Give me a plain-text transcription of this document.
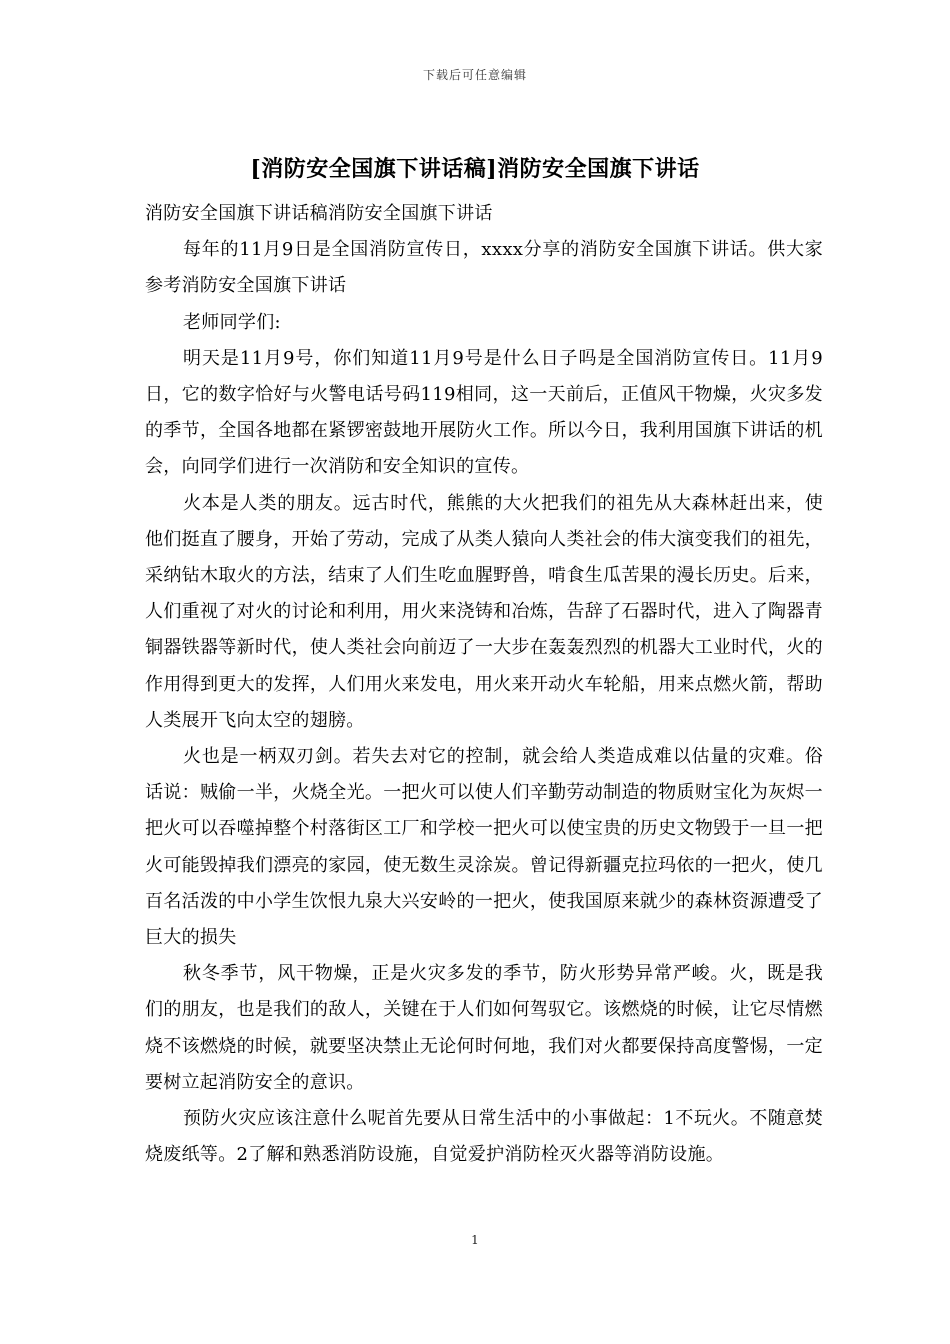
下载后可任意编辑
[消防安全国旗下讲话稿]消防安全国旗下讲话

消防安全国旗下讲话稿消防安全国旗下讲话

每年的11月9日是全国消防宣传日，xxxx分享的消防安全国旗下讲话。供大家参考消防安全国旗下讲话

老师同学们:

明天是11月9号，你们知道11月9号是什么日子吗是全国消防宣传日。11月9日，它的数字恰好与火警电话号码119相同，这一天前后，正值风干物燥，火灾多发的季节，全国各地都在紧锣密鼓地开展防火工作。所以今日，我利用国旗下讲话的机会，向同学们进行一次消防和安全知识的宣传。

火本是人类的朋友。远古时代，熊熊的大火把我们的祖先从大森林赶出来，使他们挺直了腰身，开始了劳动，完成了从类人猿向人类社会的伟大演变我们的祖先，采纳钻木取火的方法，结束了人们生吃血腥野兽，啃食生瓜苦果的漫长历史。后来，人们重视了对火的讨论和利用，用火来浇铸和冶炼，告辞了石器时代，进入了陶器青铜器铁器等新时代，使人类社会向前迈了一大步在轰轰烈烈的机器大工业时代，火的作用得到更大的发挥，人们用火来发电，用火来开动火车轮船，用来点燃火箭，帮助人类展开飞向太空的翅膀。

火也是一柄双刃剑。若失去对它的控制，就会给人类造成难以估量的灾难。俗话说：贼偷一半，火烧全光。一把火可以使人们辛勤劳动制造的物质财宝化为灰烬一把火可以吞噬掉整个村落街区工厂和学校一把火可以使宝贵的历史文物毁于一旦一把火可能毁掉我们漂亮的家园，使无数生灵涂炭。曾记得新疆克拉玛依的一把火，使几百名活泼的中小学生饮恨九泉大兴安岭的一把火，使我国原来就少的森林资源遭受了巨大的损失

秋冬季节，风干物燥，正是火灾多发的季节，防火形势异常严峻。火，既是我们的朋友，也是我们的敌人，关键在于人们如何驾驭它。该燃烧的时候，让它尽情燃烧不该燃烧的时候，就要坚决禁止无论何时何地，我们对火都要保持高度警惕，一定要树立起消防安全的意识。

预防火灾应该注意什么呢首先要从日常生活中的小事做起：1不玩火。不随意焚烧废纸等。2了解和熟悉消防设施，自觉爱护消防栓灭火器等消防设施。

1
